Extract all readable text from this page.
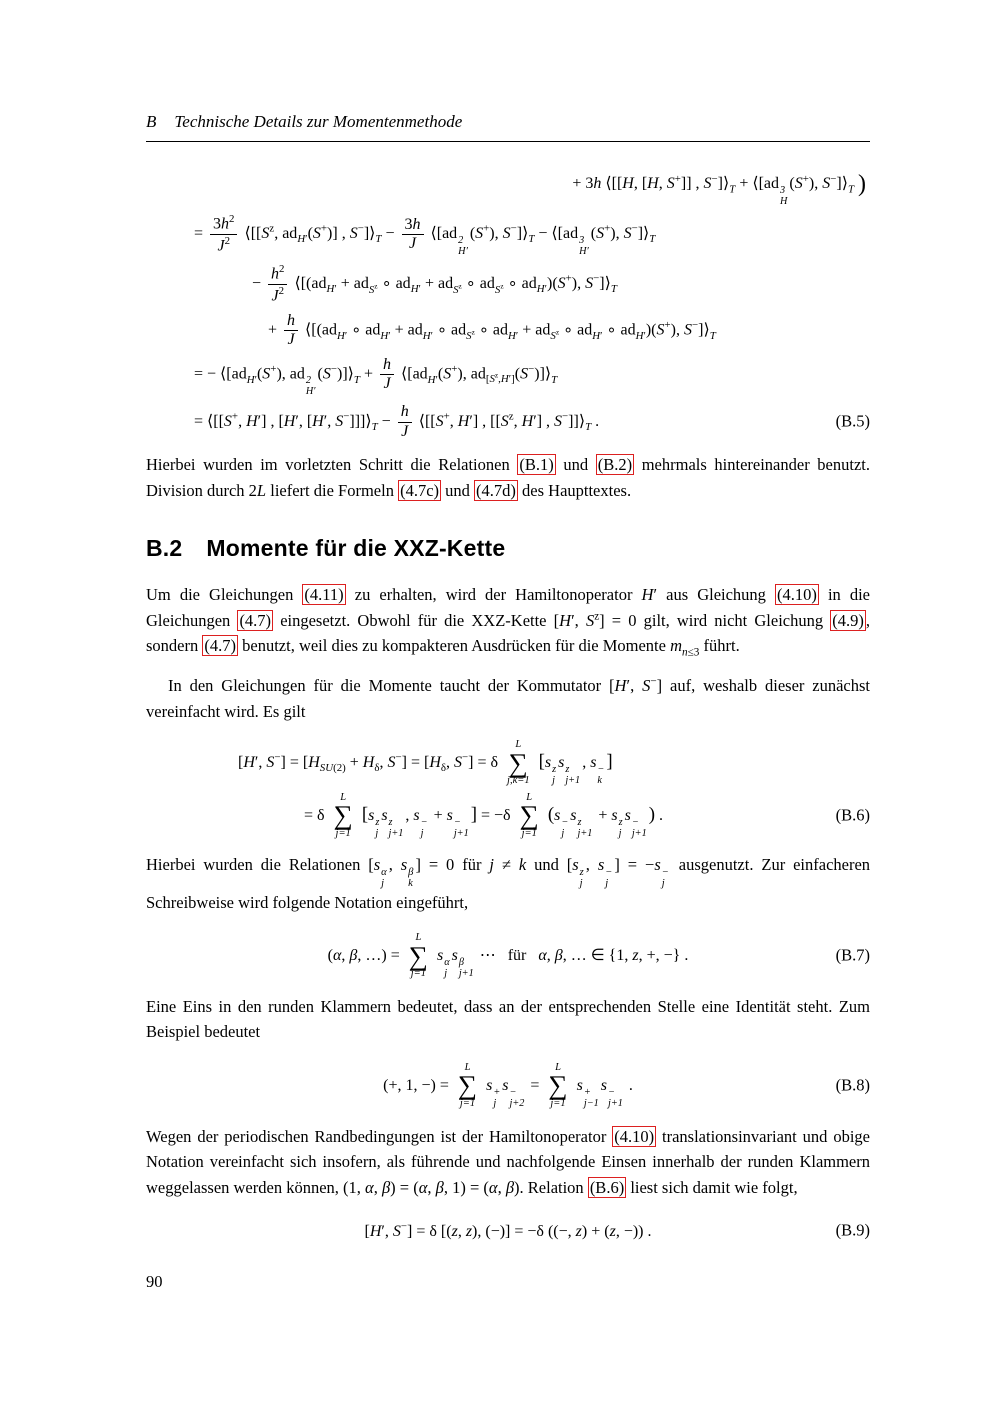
B Technische Details zur Momentenmethode
+ 3h ⟨[[H, [H, S+]] , $S^-]⟩_T$ + ⟨[ad 3
H
(S+), $S^-]⟩_T$ )
= $\frac{3h^2}{J^2}$ $⟨[[S^z$, $ad_{H'}(S^+)$] , $S^-]⟩_T - \frac{3h}{J}$ ⟨[ad 2
H′
(S+), $S^-]⟩_T$ − ⟨[ad 3
H′
(S+), $S^-]⟩_T$
− $\frac{h^2}{J^2}$ $⟨[(ad_{H'} + ad_{S^z}$ ∘ $ad_{H'} + ad_{S^z}$ ∘ $ad_{S^z}$ ∘ $ad_{H'})(S^+)$, $S^-]⟩_T$
+ $\frac{h}{J}$ $⟨[(ad_{H'}$ ∘ $ad_{H'} + ad_{H'}$ ∘ $ad_{S^z}$ ∘ $ad_{H'} + ad_{S^z}$ ∘ $ad_{H'}$ ∘ $ad_{H'})(S^+)$, $S^-]⟩_T$
= − $⟨[ad_{H'}(S^+)$, ad 2
H′
$(S^-)]⟩_T + \frac{h}{J}$ $⟨[ad_{H'}(S^+)$, $ad_{[S^z,H']}(S^-)]⟩_T$
= ⟨[[S+, H′] , [H′, [H′, $S^-]]]⟩_T - \frac{h}{J}$ ⟨[[S+, H′] , [[$S^z$, H′] , $S^-]]⟩_T$ .	(B.5)

Hierbei wurden im vorletzten Schritt die Relationen (B.1) und (B.2) mehrmals hintereinander benutzt. Division durch 2L liefert die Formeln (4.7c) und (4.7d) des Haupttextes.

B.2 Momente für die XXZ-Kette

Um die Gleichungen (4.11) zu erhalten, wird der Hamiltonoperator H′ aus Gleichung (4.10) in die Gleichungen (4.7) eingesetzt. Obwohl für die XXZ-Kette [H′, $S^z] = 0$ gilt, wird nicht Gleichung (4.9) , sondern (4.7) benutzt, weil dies zu kompakteren Ausdrücken für die Momente $m_{n\le 3}$ führt.

In den Gleichungen für die Momente taucht der Kommutator [H′, S−] auf, weshalb dieser zunächst vereinfacht wird. Es gilt

[H′, $S^-] = [H_{SU(2)} + H_\delta$, $S^-] = [H_\delta$, S−] = δ
L
∑
j,k=1
[s z
j
s z
j+1
, s −
k
]
= δ
L
∑
j=1
[s z
j
s z
j+1
, s −
j
+ s −
j+1
] = −δ
L
∑
j=1
(s −
j
s z
j+1
+ s z
j
s −
j+1
) .	(B.6)

Hierbei wurden die Relationen [s α
j
, s β
k
] = 0 für j ≠ k und [s z
j
, s −
j
] = −s −
j
ausgenutzt. Zur einfacheren Schreibweise wird folgende Notation eingeführt,

(α, β, …) =
L
∑
j=1
s α
j
s β
j+1
⋯   für   α, β, … ∈ {1, z, +, −} .	(B.7)

Eine Eins in den runden Klammern bedeutet, dass an der entsprechenden Stelle eine Identität steht. Zum Beispiel bedeutet

(+, 1, −) =
L
∑
j=1
s +
j
s −
j+2
=
L
∑
j=1
s +
j−1
s −
j+1
.	(B.8)

Wegen der periodischen Randbedingungen ist der Hamiltonoperator (4.10) translationsinvariant und obige Notation vereinfacht sich insofern, als führende und nachfolgende Einsen innerhalb der runden Klammern weggelassen werden können, (1, α, β) = (α, β, 1) = (α, β). Relation (B.6) liest sich damit wie folgt,

[H′, S−] = δ [(z, z), (−)] = −δ ((−, z) + (z, −)) .	(B.9)
90
